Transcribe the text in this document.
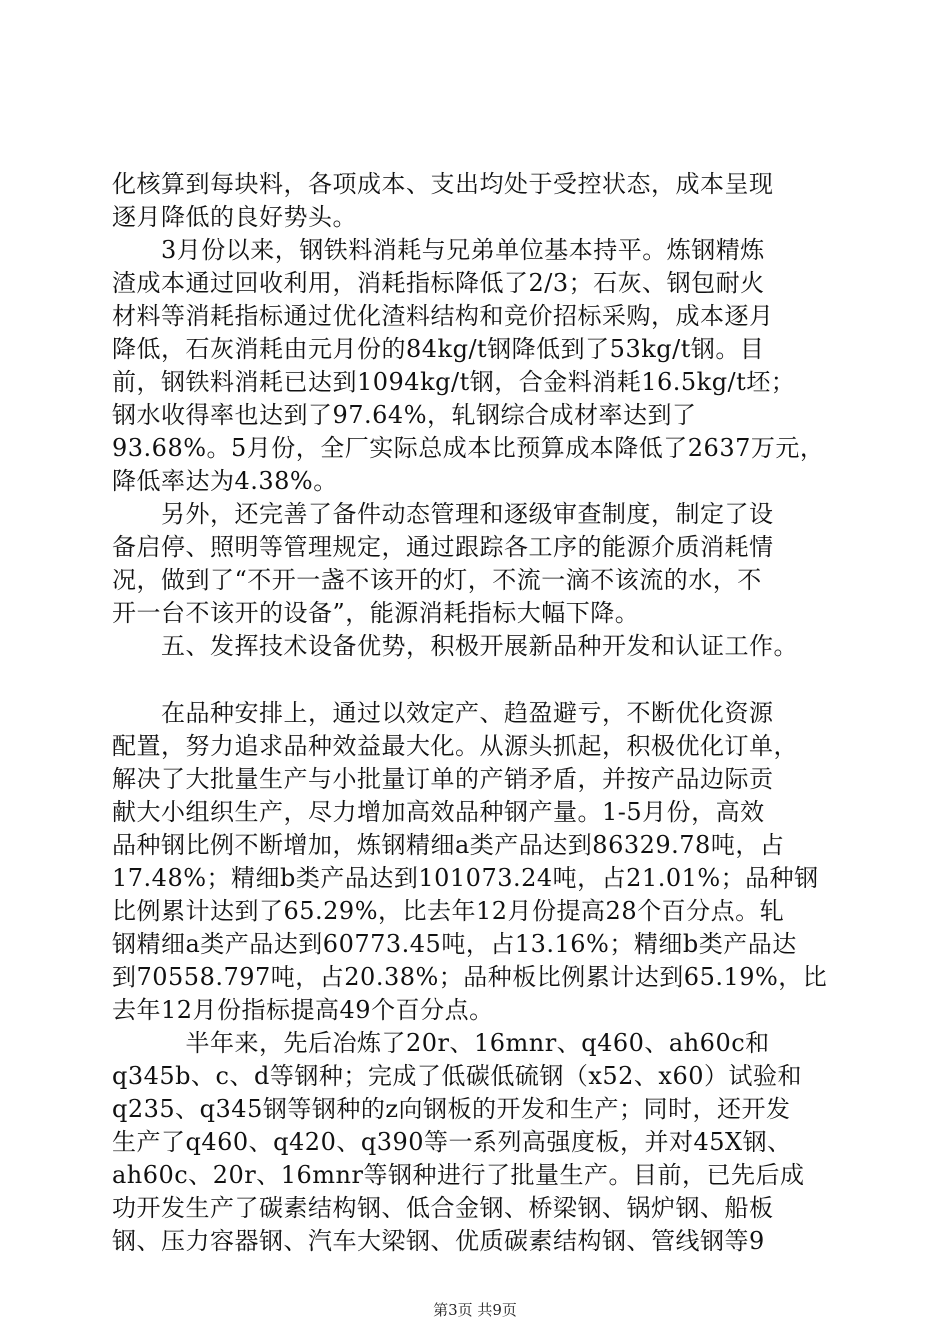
化核算到每块料，各项成本、支出均处于受控状态，成本呈现
逐月降低的良好势头。

　　3月份以来，钢铁料消耗与兄弟单位基本持平。炼钢精炼
渣成本通过回收利用，消耗指标降低了2/3；石灰、钢包耐火
材料等消耗指标通过优化渣料结构和竞价招标采购，成本逐月
降低，石灰消耗由元月份的84kg/t钢降低到了53kg/t钢。目
前，钢铁料消耗已达到1094kg/t钢，合金料消耗16.5kg/t坯；
钢水收得率也达到了97.64%，轧钢综合成材率达到了
93.68%。5月份，全厂实际总成本比预算成本降低了2637万元，
降低率达为4.38%。

　　另外，还完善了备件动态管理和逐级审查制度，制定了设
备启停、照明等管理规定，通过跟踪各工序的能源介质消耗情
况，做到了“不开一盏不该开的灯，不流一滴不该流的水，不
开一台不该开的设备”，能源消耗指标大幅下降。

　　五、发挥技术设备优势，积极开展新品种开发和认证工作。

　　在品种安排上，通过以效定产、趋盈避亏，不断优化资源
配置，努力追求品种效益最大化。从源头抓起，积极优化订单，
解决了大批量生产与小批量订单的产销矛盾，并按产品边际贡
献大小组织生产，尽力增加高效品种钢产量。1-5月份，高效
品种钢比例不断增加，炼钢精细a类产品达到86329.78吨，占
17.48%；精细b类产品达到101073.24吨，占21.01%；品种钢
比例累计达到了65.29%，比去年12月份提高28个百分点。轧
钢精细a类产品达到60773.45吨，占13.16%；精细b类产品达
到70558.797吨，占20.38%；品种板比例累计达到65.19%，比
去年12月份指标提高49个百分点。

　　　半年来，先后冶炼了20r、16mnr、q460、ah60c和
q345b、c、d等钢种；完成了低碳低硫钢（x52、x60）试验和
q235、q345钢等钢种的z向钢板的开发和生产；同时，还开发
生产了q460、q420、q390等一系列高强度板，并对45X钢、
ah60c、20r、16mnr等钢种进行了批量生产。目前，已先后成
功开发生产了碳素结构钢、低合金钢、桥梁钢、锅炉钢、船板
钢、压力容器钢、汽车大梁钢、优质碳素结构钢、管线钢等9

第3页 共9页
